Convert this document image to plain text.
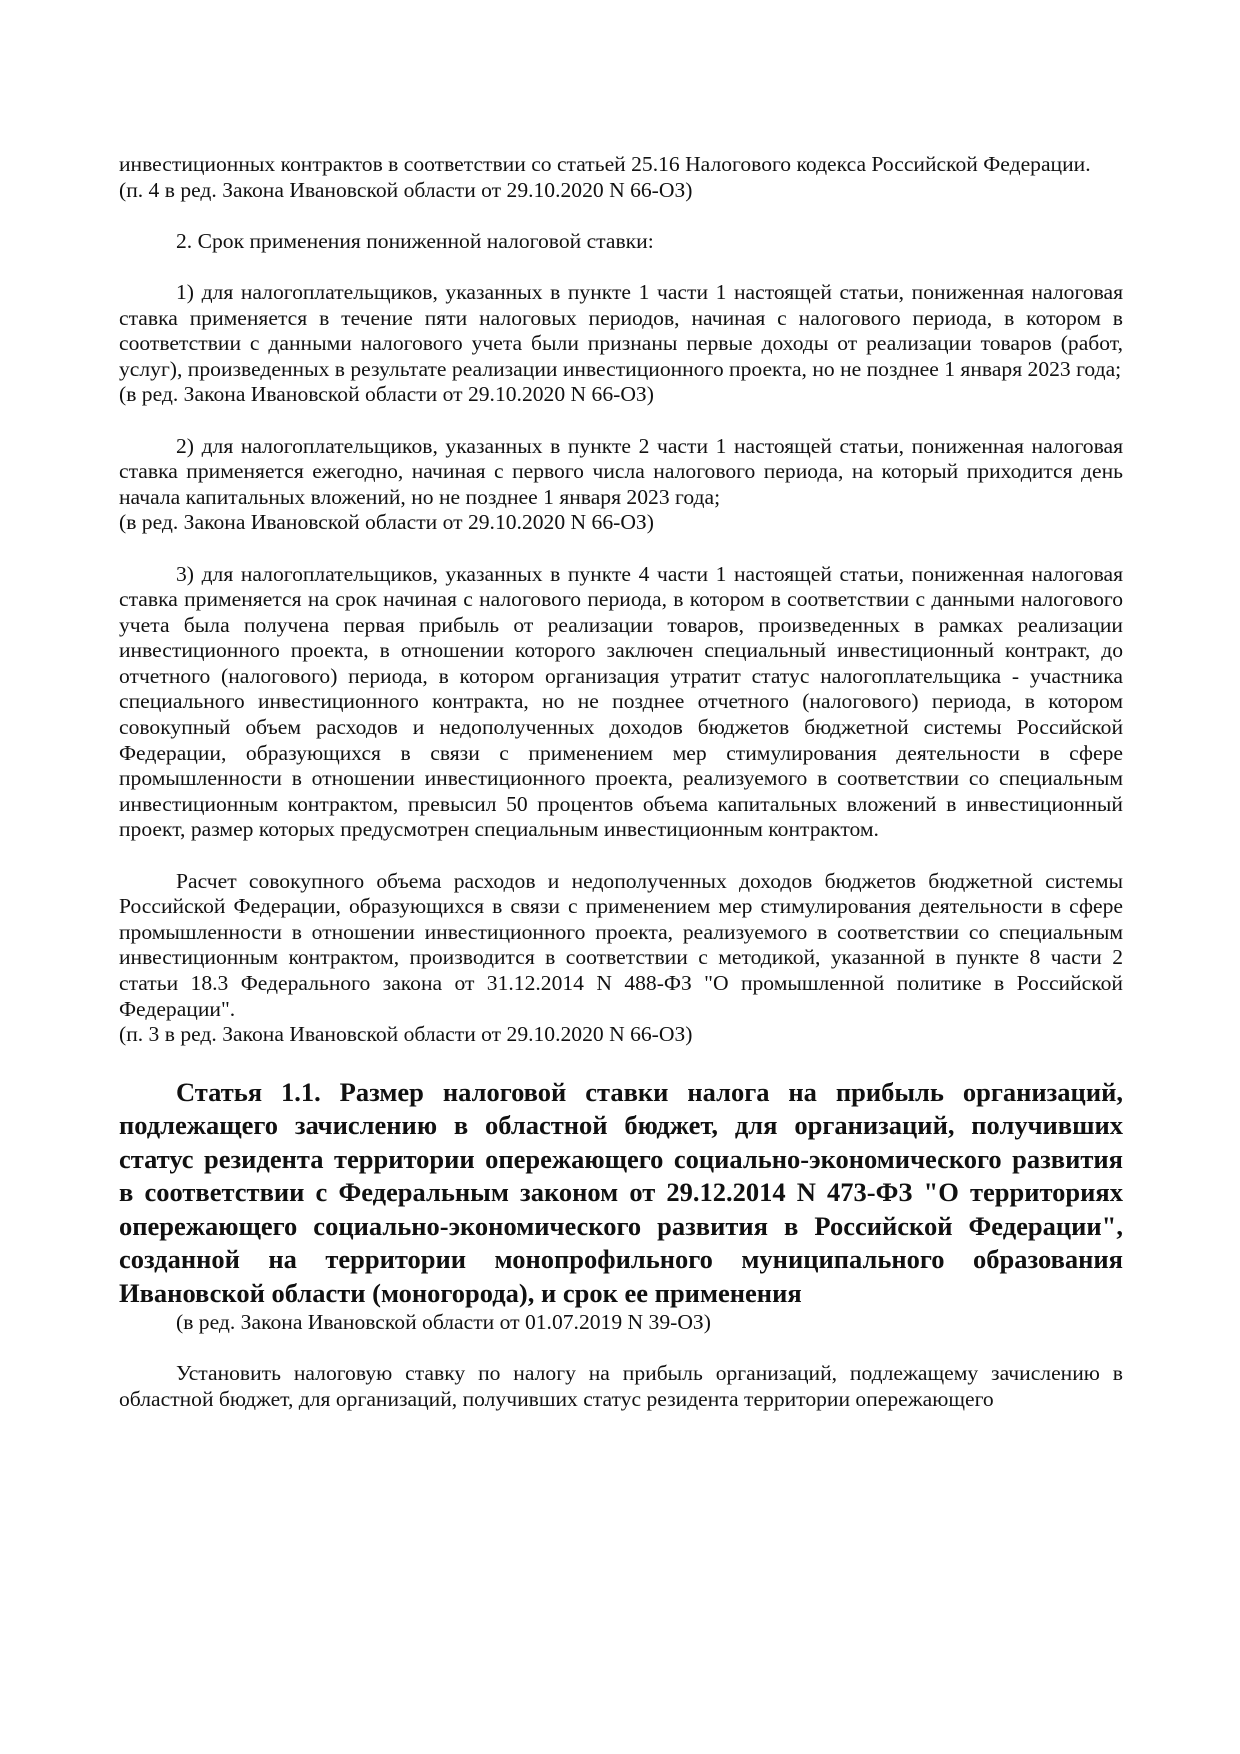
инвестиционных контрактов в соответствии со статьей 25.16 Налогового кодекса Российской Федерации.

(п. 4 в ред. Закона Ивановской области от 29.10.2020 N 66-ОЗ)

2. Срок применения пониженной налоговой ставки:

1) для налогоплательщиков, указанных в пункте 1 части 1 настоящей статьи, пониженная налоговая ставка применяется в течение пяти налоговых периодов, начиная с налогового периода, в котором в соответствии с данными налогового учета были признаны первые доходы от реализации товаров (работ, услуг), произведенных в результате реализации инвестиционного проекта, но не позднее 1 января 2023 года;

(в ред. Закона Ивановской области от 29.10.2020 N 66-ОЗ)

2) для налогоплательщиков, указанных в пункте 2 части 1 настоящей статьи, пониженная налоговая ставка применяется ежегодно, начиная с первого числа налогового периода, на который приходится день начала капитальных вложений, но не позднее 1 января 2023 года;

(в ред. Закона Ивановской области от 29.10.2020 N 66-ОЗ)

3) для налогоплательщиков, указанных в пункте 4 части 1 настоящей статьи, пониженная налоговая ставка применяется на срок начиная с налогового периода, в котором в соответствии с данными налогового учета была получена первая прибыль от реализации товаров, произведенных в рамках реализации инвестиционного проекта, в отношении которого заключен специальный инвестиционный контракт, до отчетного (налогового) периода, в котором организация утратит статус налогоплательщика - участника специального инвестиционного контракта, но не позднее отчетного (налогового) периода, в котором совокупный объем расходов и недополученных доходов бюджетов бюджетной системы Российской Федерации, образующихся в связи с применением мер стимулирования деятельности в сфере промышленности в отношении инвестиционного проекта, реализуемого в соответствии со специальным инвестиционным контрактом, превысил 50 процентов объема капитальных вложений в инвестиционный проект, размер которых предусмотрен специальным инвестиционным контрактом.

Расчет совокупного объема расходов и недополученных доходов бюджетов бюджетной системы Российской Федерации, образующихся в связи с применением мер стимулирования деятельности в сфере промышленности в отношении инвестиционного проекта, реализуемого в соответствии со специальным инвестиционным контрактом, производится в соответствии с методикой, указанной в пункте 8 части 2 статьи 18.3 Федерального закона от 31.12.2014 N 488-ФЗ "О промышленной политике в Российской Федерации".

(п. 3 в ред. Закона Ивановской области от 29.10.2020 N 66-ОЗ)

Статья 1.1. Размер налоговой ставки налога на прибыль организаций, подлежащего зачислению в областной бюджет, для организаций, получивших статус резидента территории опережающего социально-экономического развития в соответствии с Федеральным законом от 29.12.2014 N 473-ФЗ "О территориях опережающего социально-экономического развития в Российской Федерации", созданной на территории монопрофильного муниципального образования Ивановской области (моногорода), и срок ее применения

(в ред. Закона Ивановской области от 01.07.2019 N 39-ОЗ)

Установить налоговую ставку по налогу на прибыль организаций, подлежащему зачислению в областной бюджет, для организаций, получивших статус резидента территории опережающего
